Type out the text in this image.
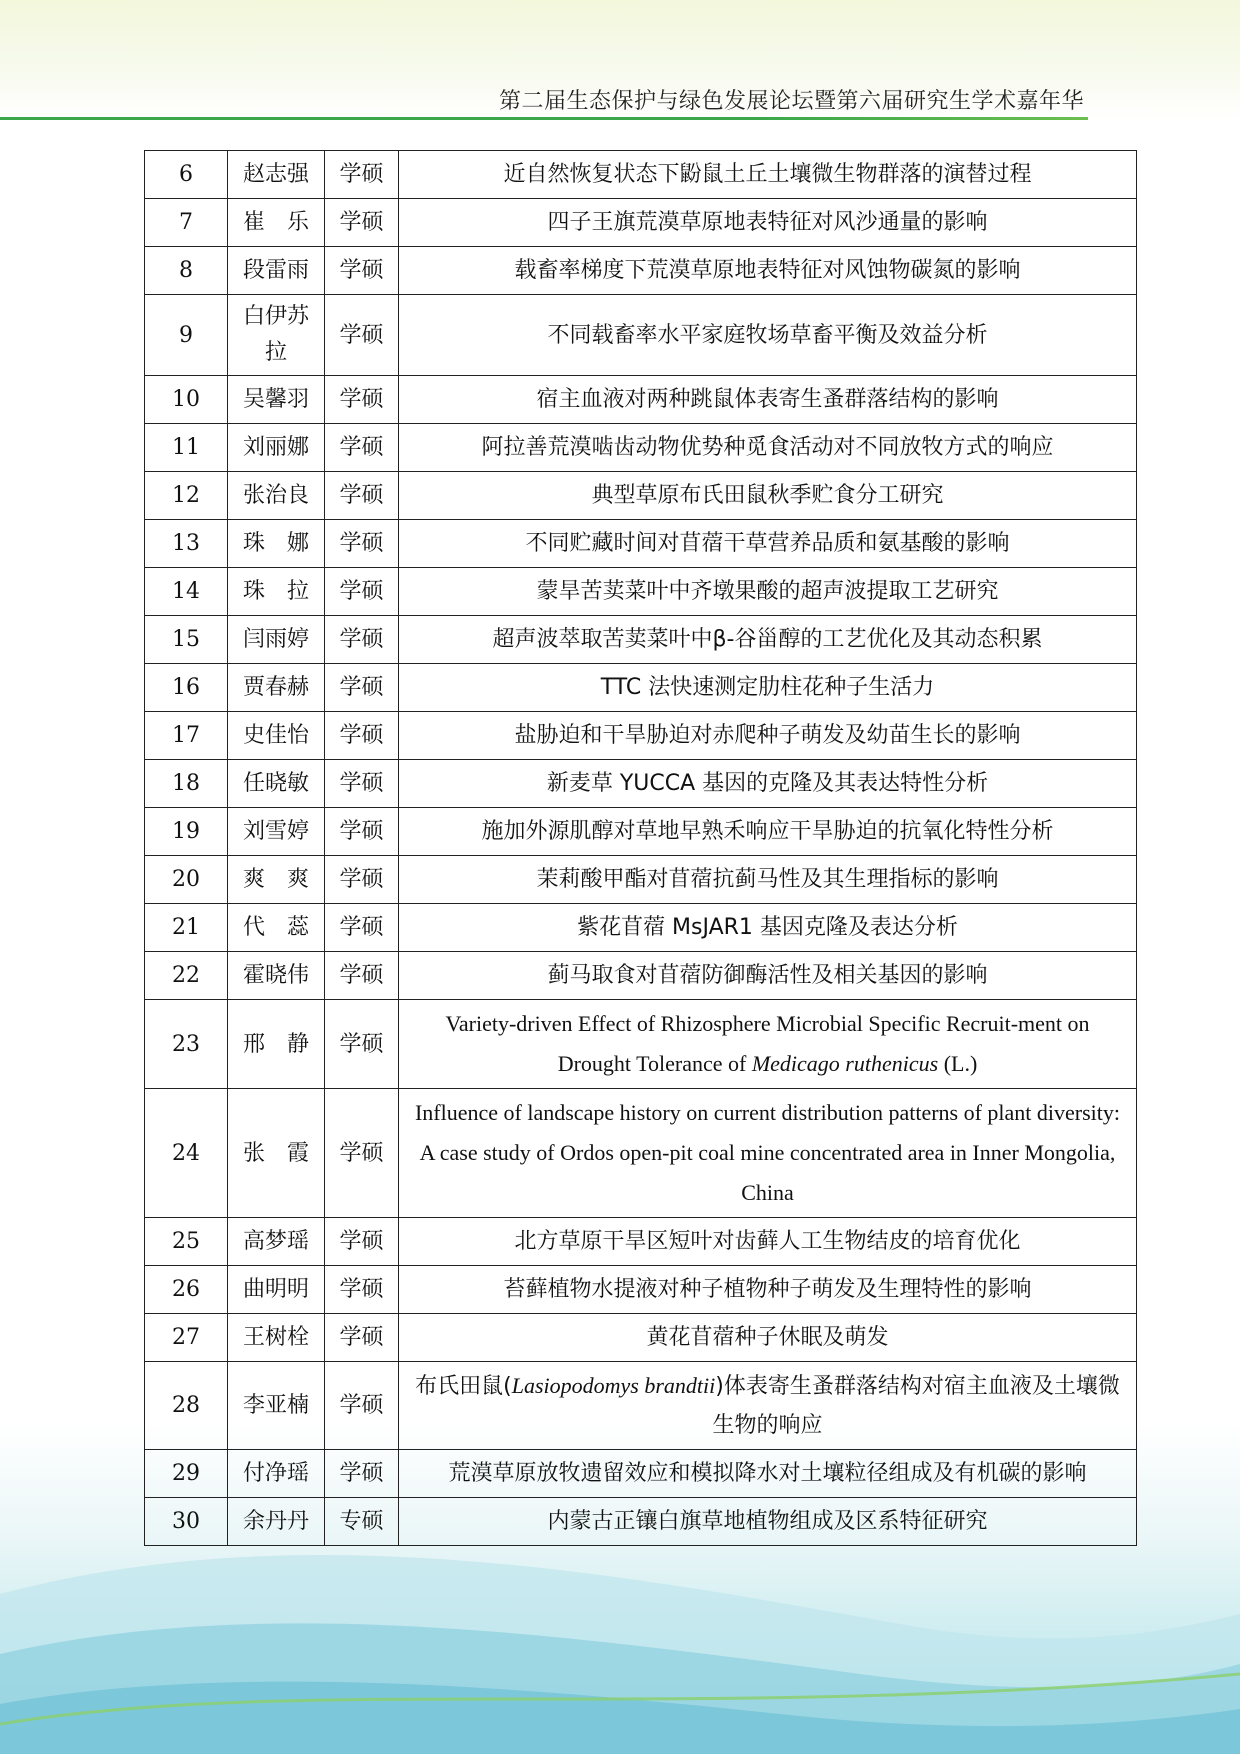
第二届生态保护与绿色发展论坛暨第六届研究生学术嘉年华
6	赵志强	学硕	近自然恢复状态下鼢鼠土丘土壤微生物群落的演替过程
7	崔　乐	学硕	四子王旗荒漠草原地表特征对风沙通量的影响
8	段雷雨	学硕	载畜率梯度下荒漠草原地表特征对风蚀物碳氮的影响
9	白伊苏拉	学硕	不同载畜率水平家庭牧场草畜平衡及效益分析
10	吴馨羽	学硕	宿主血液对两种跳鼠体表寄生蚤群落结构的影响
11	刘丽娜	学硕	阿拉善荒漠啮齿动物优势种觅食活动对不同放牧方式的响应
12	张治良	学硕	典型草原布氏田鼠秋季贮食分工研究
13	珠　娜	学硕	不同贮藏时间对苜蓿干草营养品质和氨基酸的影响
14	珠　拉	学硕	蒙旱苦荬菜叶中齐墩果酸的超声波提取工艺研究
15	闫雨婷	学硕	超声波萃取苦荬菜叶中β-谷甾醇的工艺优化及其动态积累
16	贾春赫	学硕	TTC 法快速测定肋柱花种子生活力
17	史佳怡	学硕	盐胁迫和干旱胁迫对赤爬种子萌发及幼苗生长的影响
18	任晓敏	学硕	新麦草 YUCCA 基因的克隆及其表达特性分析
19	刘雪婷	学硕	施加外源肌醇对草地早熟禾响应干旱胁迫的抗氧化特性分析
20	爽　爽	学硕	茉莉酸甲酯对苜蓿抗蓟马性及其生理指标的影响
21	代　蕊	学硕	紫花苜蓿 MsJAR1 基因克隆及表达分析
22	霍晓伟	学硕	蓟马取食对苜蓿防御酶活性及相关基因的影响
23	邢　静	学硕	Variety-driven Effect of Rhizosphere Microbial Specific Recruit-ment on Drought Tolerance of Medicago ruthenicus (L.)
24	张　霞	学硕	Influence of landscape history on current distribution patterns of plant diversity: A case study of Ordos open-pit coal mine concentrated area in Inner Mongolia, China
25	高梦瑶	学硕	北方草原干旱区短叶对齿藓人工生物结皮的培育优化
26	曲明明	学硕	苔藓植物水提液对种子植物种子萌发及生理特性的影响
27	王树栓	学硕	黄花苜蓿种子休眠及萌发
28	李亚楠	学硕	布氏田鼠(Lasiopodomys brandtii)体表寄生蚤群落结构对宿主血液及土壤微生物的响应
29	付净瑶	学硕	荒漠草原放牧遗留效应和模拟降水对土壤粒径组成及有机碳的影响
30	余丹丹	专硕	内蒙古正镶白旗草地植物组成及区系特征研究
